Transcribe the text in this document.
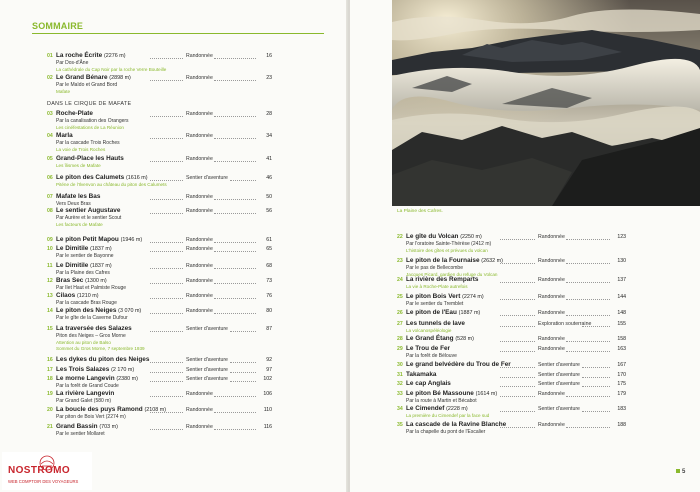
SOMMAIRE
DANS LE CIRQUE DE MAFATE
01 La roche Écrite (2276 m)	Randonnée	16
Par Dos-d'Âne
La cathédrale du Cap Noir par la roche Verre Bouteille
02 Le Grand Bénare (2898 m)	Randonnée	23
Par le Maïdo et Grand Bord
Mafate
03 Roche-Plate	Randonnée	28
Par la canalisation des Orangers
Les cinéfestations de La Réunion
04 Marla	Randonnée	34
Par la cascade Trois Roches
La voie de Trois Roches
05 Grand-Place les Hauts	Randonnée	41
Les îlismes de Mafate
06 Le piton des Calumets (1616 m)	Sentier d'aventure	46
Piténe de l'Ilvenvon au château du piton des Calumets
07 Mafate les Bas	Randonnée	50
Vers Deux Bras
08 Le sentier Augustave	Randonnée	56
Par Aurère et le sentier Scout
Les facteurs de Mafate
09 Le piton Petit Mapou (1946 m)	Randonnée	61
10 Le Dimitile (1837 m)	Randonnée	65
Par le sentier de Bayonne
11 Le Dimitile (1837 m)	Randonnée	68
Par la Plaine des Cafres
12 Bras Sec (1300 m)	Randonnée	73
Par Ilet Haut et Palmiste Rouge
13 Cilaos (1210 m)	Randonnée	76
Par la cascade Bras Rouge
14 Le piton des Neiges (3 070 m)	Randonnée	80
Par le gîte de la Caverne Dufour
15 La traversée des Salazes	Sentier d'aventure	87
Piton des Neiges – Gros Morne
Attention au piton de Balso
Sommet du Gros Morne, 7 septembre 1939
16 Les dykes du piton des Neiges	Sentier d'aventure	92
17 Les Trois Salazes (2 170 m)	Sentier d'aventure	97
18 Le morne Langevin (2380 m)	Sentier d'aventure	102
Par la forêt de Grand Coude
19 La rivière Langevin	Randonnée	106
Par Grand Galet (580 m)
20 La boucle des puys Ramond (2108 m)	Randonnée	110
Par piton de Bois Vert (2274 m)
21 Grand Bassin (703 m)	Randonnée	116
Par le sentier Mollaret
22 Le gîte du Volcan (2250 m)	Randonnée	123
Par l'oratoire Sainte-Thérèse (2412 m)
L'histoire des gîtes et prévues du volcan
23 Le piton de la Fournaise (2632 m)	Randonnée	130
Par le pas de Bellecombe
Jacques Picard, gardien du refuge du Volcan
24 La rivière des Remparts	Randonnée	137
La vie à Roche-Plate autrefois
25 Le piton Bois Vert (2274 m)	Randonnée	144
Par le sentier du Tremblet
26 Le piton de l'Eau (1887 m)	Randonnée	148
27 Les tunnels de lave	Exploration souterraine	155
La volcanospéléologie
28 Le Grand Étang (528 m)	Randonnée	158
29 Le Trou de Fer	Randonnée	163
Par la forêt de Bélouve
30 Le grand belvédère du Trou de Fer	Sentier d'aventure	167
31 Takamaka	Sentier d'aventure	170
32 Le cap Anglais	Sentier d'aventure	175
33 Le piton Bé Massoune (1614 m)	Randonnée	179
Par la route à Martin et Bécabot
34 Le Cimendef (2228 m)	Sentier d'aventure	183
La première du Cimendef par la face sud
35 La cascade de la Ravine Blanche	Randonnée	188
Par la chapelle du pont de l'Escalier
La Plaine des Cafres.
5
NOSTROMO
WEB COMPTOIR DES VOYAGEURS
